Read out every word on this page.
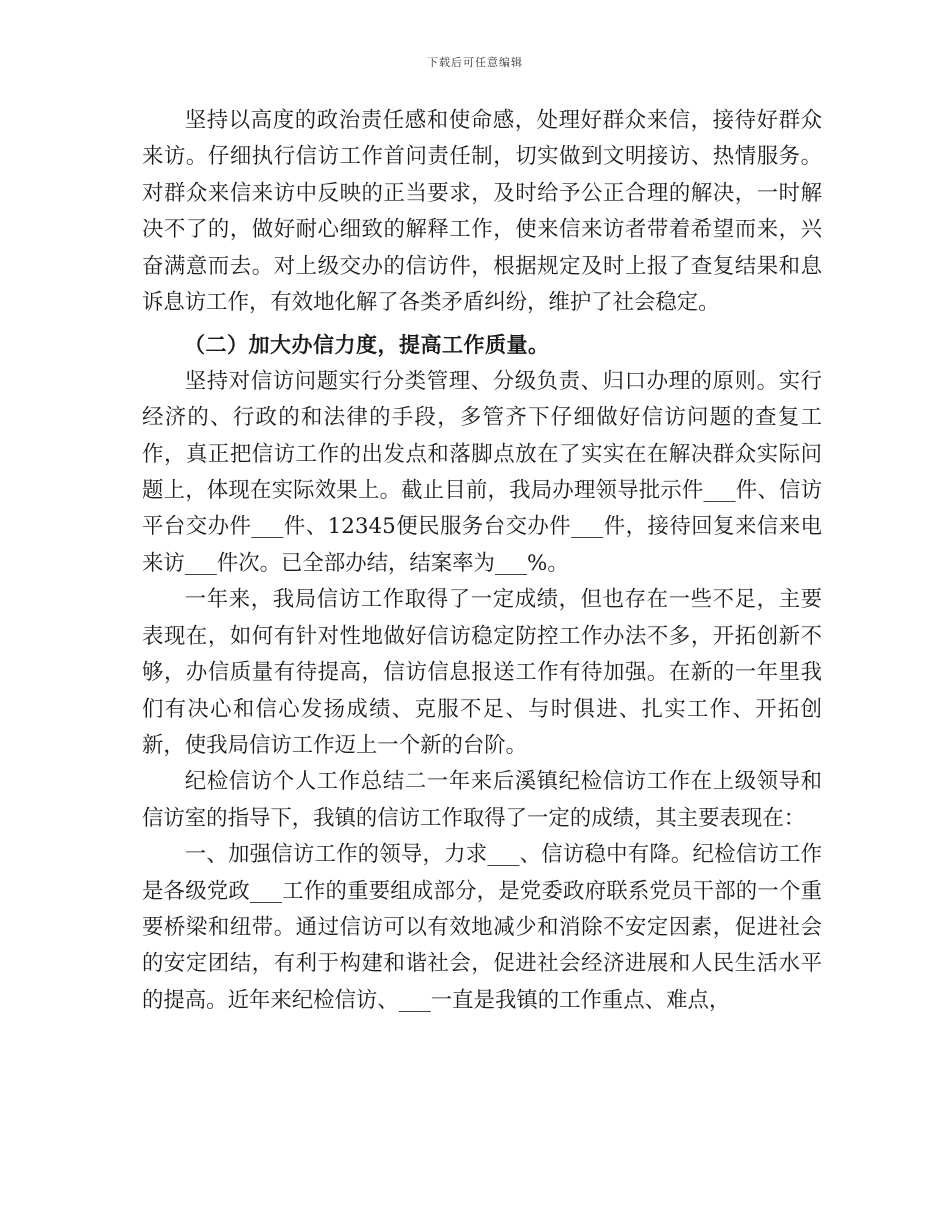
下载后可任意编辑

坚持以高度的政治责任感和使命感，处理好群众来信，接待好群众来访。仔细执行信访工作首问责任制，切实做到文明接访、热情服务。对群众来信来访中反映的正当要求，及时给予公正合理的解决，一时解决不了的，做好耐心细致的解释工作，使来信来访者带着希望而来，兴奋满意而去。对上级交办的信访件，根据规定及时上报了查复结果和息诉息访工作，有效地化解了各类矛盾纠纷，维护了社会稳定。

（二）加大办信力度，提高工作质量。

坚持对信访问题实行分类管理、分级负责、归口办理的原则。实行经济的、行政的和法律的手段，多管齐下仔细做好信访问题的查复工作，真正把信访工作的出发点和落脚点放在了实实在在解决群众实际问题上，体现在实际效果上。截止目前，我局办理领导批示件___件、信访平台交办件___件、12345便民服务台交办件___件，接待回复来信来电来访___件次。已全部办结，结案率为___%。

一年来，我局信访工作取得了一定成绩，但也存在一些不足，主要表现在，如何有针对性地做好信访稳定防控工作办法不多，开拓创新不够，办信质量有待提高，信访信息报送工作有待加强。在新的一年里我们有决心和信心发扬成绩、克服不足、与时俱进、扎实工作、开拓创新，使我局信访工作迈上一个新的台阶。

纪检信访个人工作总结二一年来后溪镇纪检信访工作在上级领导和信访室的指导下，我镇的信访工作取得了一定的成绩，其主要表现在：

一、加强信访工作的领导，力求___、信访稳中有降。纪检信访工作是各级党政___工作的重要组成部分，是党委政府联系党员干部的一个重要桥梁和纽带。通过信访可以有效地减少和消除不安定因素，促进社会的安定团结，有利于构建和谐社会，促进社会经济进展和人民生活水平的提高。近年来纪检信访、___一直是我镇的工作重点、难点，
